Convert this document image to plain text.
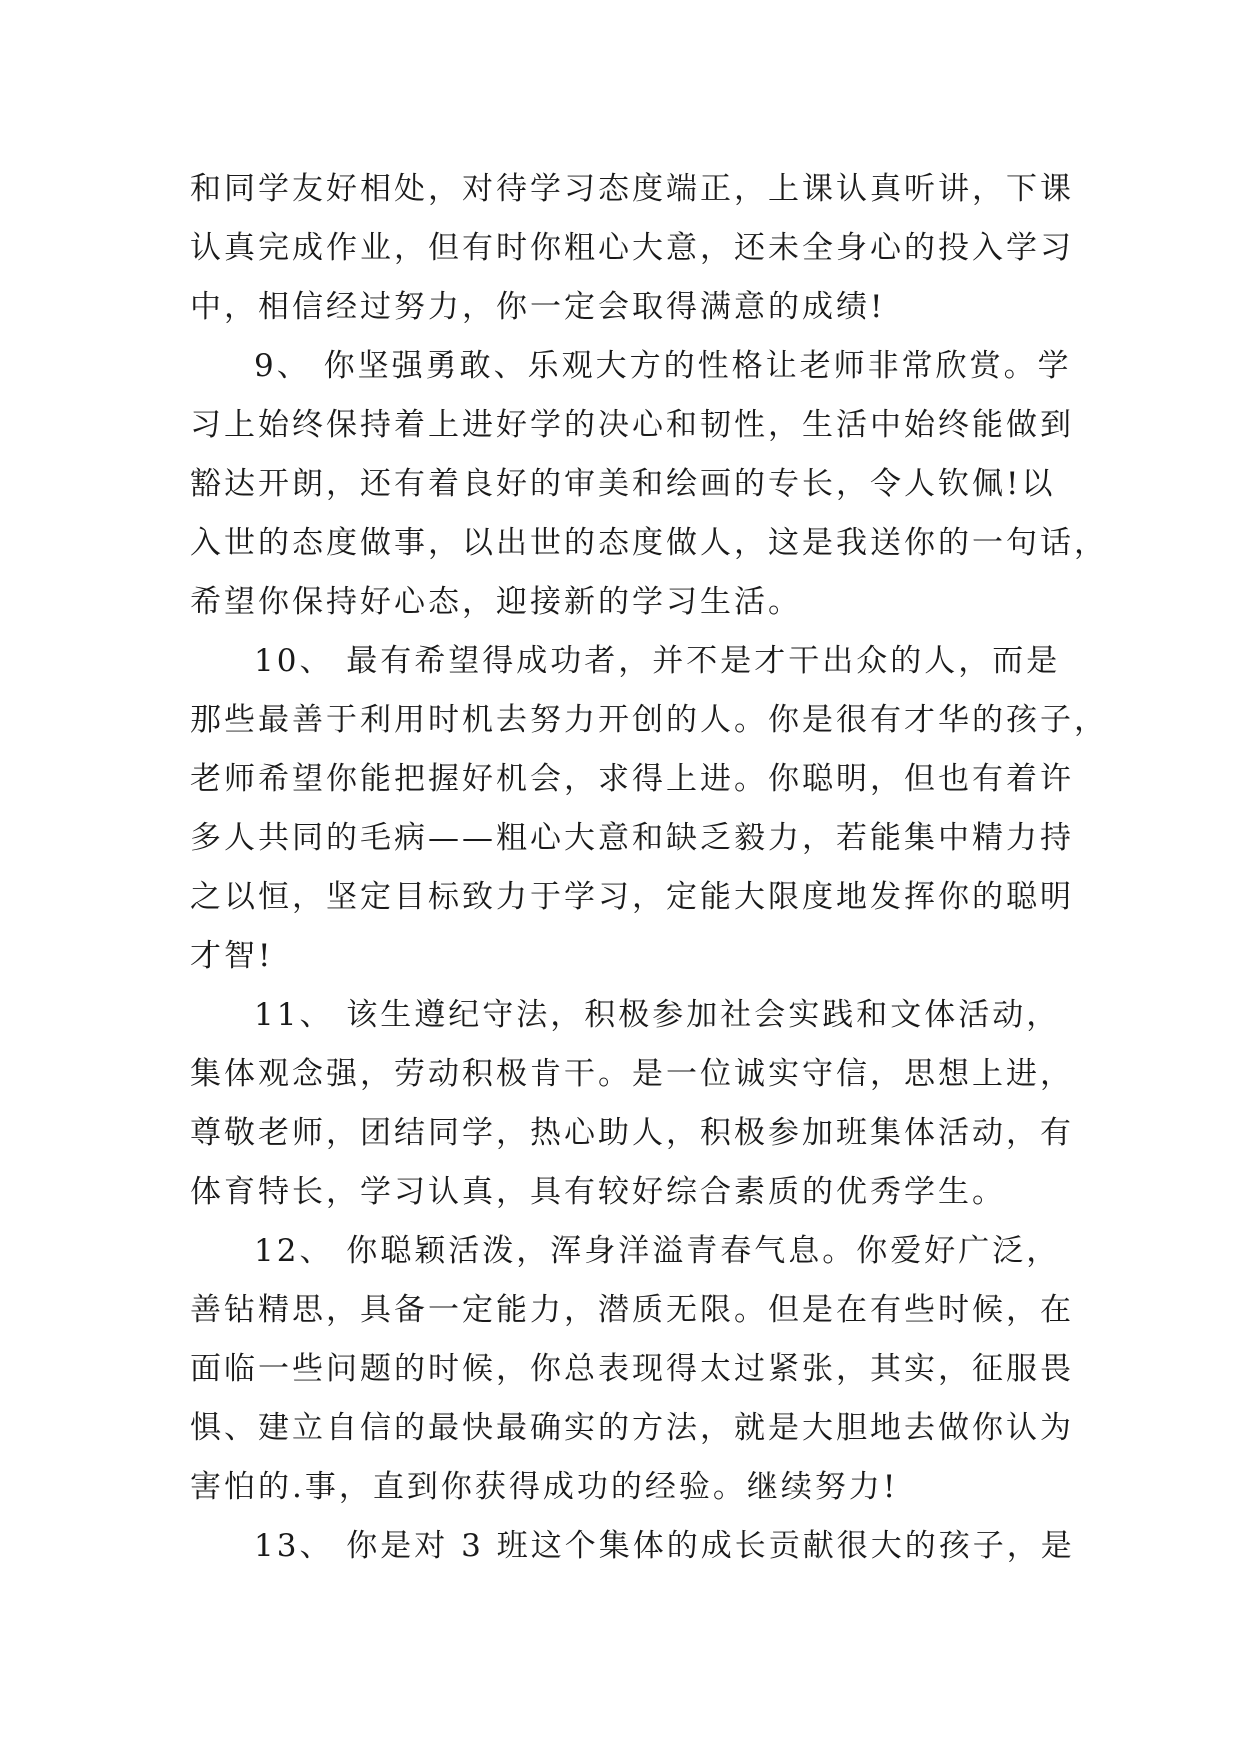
和同学友好相处，对待学习态度端正，上课认真听讲，下课
认真完成作业，但有时你粗心大意，还未全身心的投入学习
中，相信经过努力，你一定会取得满意的成绩!
9、 你坚强勇敢、乐观大方的性格让老师非常欣赏。学
习上始终保持着上进好学的决心和韧性，生活中始终能做到
豁达开朗，还有着良好的审美和绘画的专长，令人钦佩!以
入世的态度做事，以出世的态度做人，这是我送你的一句话，
希望你保持好心态，迎接新的学习生活。
10、 最有希望得成功者，并不是才干出众的人，而是
那些最善于利用时机去努力开创的人。你是很有才华的孩子，
老师希望你能把握好机会，求得上进。你聪明，但也有着许
多人共同的毛病——粗心大意和缺乏毅力，若能集中精力持
之以恒，坚定目标致力于学习，定能大限度地发挥你的聪明
才智!
11、 该生遵纪守法，积极参加社会实践和文体活动，
集体观念强，劳动积极肯干。是一位诚实守信，思想上进，
尊敬老师，团结同学，热心助人，积极参加班集体活动，有
体育特长，学习认真，具有较好综合素质的优秀学生。
12、 你聪颖活泼，浑身洋溢青春气息。你爱好广泛，
善钻精思，具备一定能力，潜质无限。但是在有些时候，在
面临一些问题的时候，你总表现得太过紧张，其实，征服畏
惧、建立自信的最快最确实的方法，就是大胆地去做你认为
害怕的.事，直到你获得成功的经验。继续努力!
13、 你是对 3 班这个集体的成长贡献很大的孩子，是
